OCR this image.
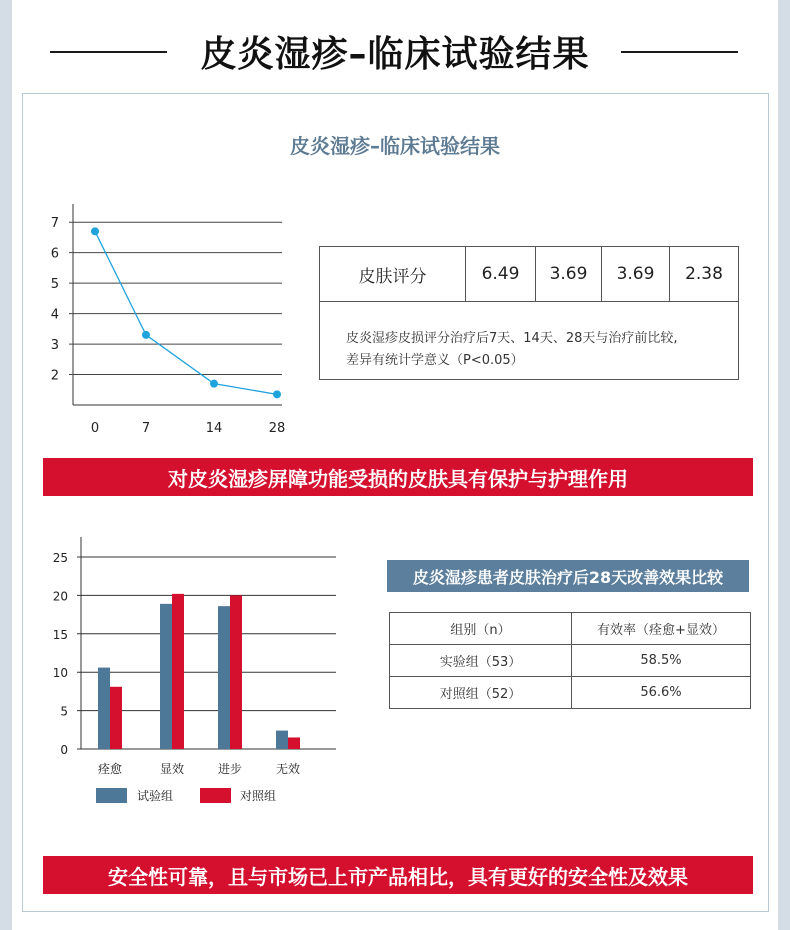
皮炎湿疹–临床试验结果
皮炎湿疹–临床试验结果
7
6
5
4
3
2
0	7	14	28
皮肤评分	6.49	3.69	3.69	2.38
皮炎湿疹皮损评分治疗后7天、14天、28天与治疗前比较,
差异有统计学意义（P<0.05）
对皮炎湿疹屏障功能受损的皮肤具有保护与护理作用
25
20
15
10
5
0
痊愈	显效	进步	无效
试验组	对照组
皮炎湿疹患者皮肤治疗后28天改善效果比较
组别（n）	有效率（痊愈+显效）
实验组（53）	58.5%
对照组（52）	56.6%
安全性可靠，且与市场已上市产品相比，具有更好的安全性及效果
